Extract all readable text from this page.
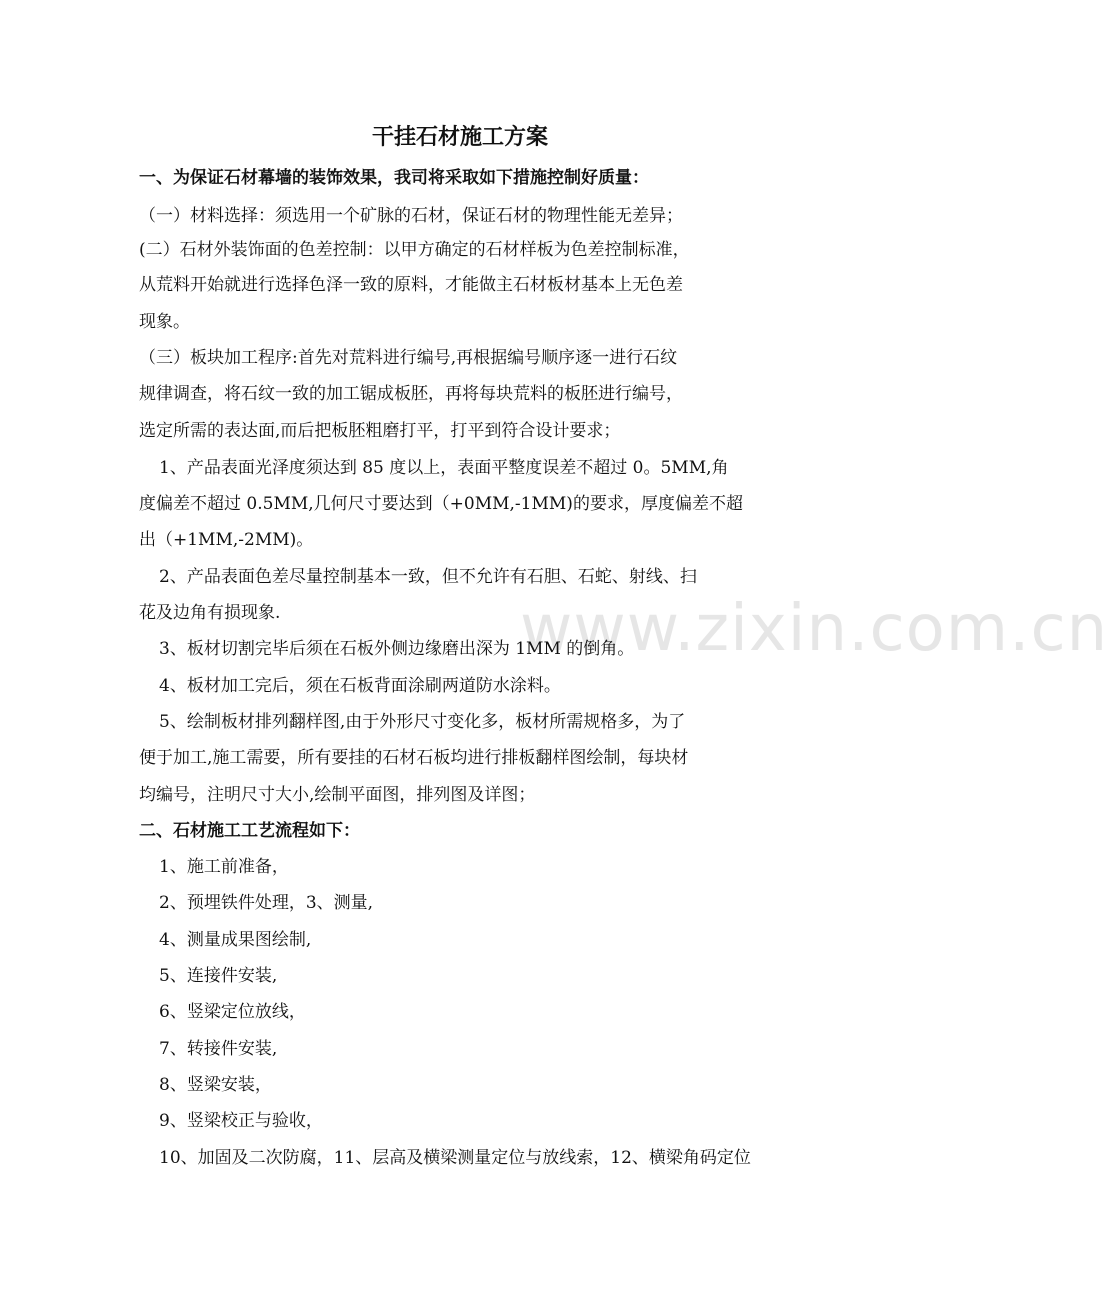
www.zixin.com.cn
干挂石材施工方案
一、为保证石材幕墙的装饰效果，我司将采取如下措施控制好质量：
（一）材料选择：须选用一个矿脉的石材，保证石材的物理性能无差异；
(二）石材外装饰面的色差控制：以甲方确定的石材样板为色差控制标准，
从荒料开始就进行选择色泽一致的原料，才能做主石材板材基本上无色差
现象。
（三）板块加工程序:首先对荒料进行编号,再根据编号顺序逐一进行石纹
规律调查，将石纹一致的加工锯成板胚，再将每块荒料的板胚进行编号，
选定所需的表达面,而后把板胚粗磨打平，打平到符合设计要求；
1、产品表面光泽度须达到 85 度以上，表面平整度误差不超过 0。5MM,角
度偏差不超过 0.5MM,几何尺寸要达到（+0MM,-1MM)的要求，厚度偏差不超
出（+1MM,-2MM)。
2、产品表面色差尽量控制基本一致，但不允许有石胆、石蛇、射线、扫
花及边角有损现象.
3、板材切割完毕后须在石板外侧边缘磨出深为 1MM 的倒角。
4、板材加工完后，须在石板背面涂刷两道防水涂料。
5、绘制板材排列翻样图,由于外形尺寸变化多，板材所需规格多，为了
便于加工,施工需要，所有要挂的石材石板均进行排板翻样图绘制，每块材
均编号，注明尺寸大小,绘制平面图，排列图及详图；
二、石材施工工艺流程如下：
1、施工前准备，
2、预埋铁件处理，3、测量,
4、测量成果图绘制,
5、连接件安装,
6、竖梁定位放线，
7、转接件安装,
8、竖梁安装，
9、竖梁校正与验收，
10、加固及二次防腐，11、层高及横梁测量定位与放线索，12、横梁角码定位
